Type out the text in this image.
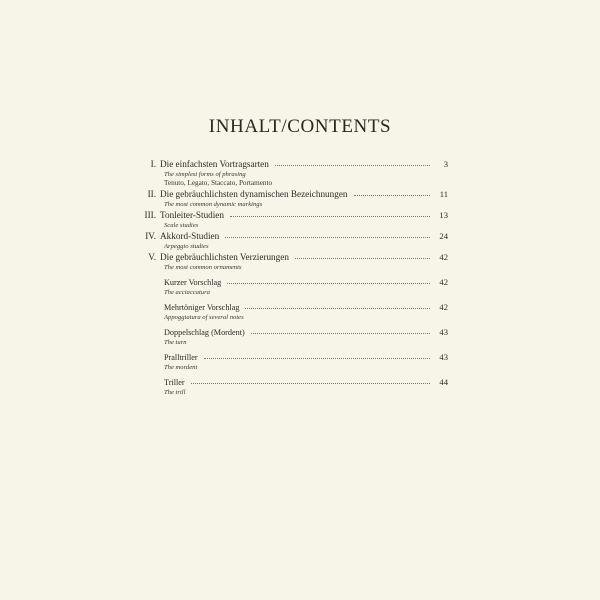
INHALT/CONTENTS
I. Die einfachsten Vortragsarten	3
The simplest forms of phrasing
Tenuto, Legato, Staccato, Portamento
II. Die gebräuchlichsten dynamischen Bezeichnungen	11
The most common dynamic markings
III. Tonleiter-Studien	13
Scale studies
IV. Akkord-Studien	24
Arpeggio studies
V. Die gebräuchlichsten Verzierungen	42
The most common ornaments
Kurzer Vorschlag	42
The acciaccatura
Mehrtöniger Vorschlag	42
Appoggiatura of several notes
Doppelschlag (Mordent)	43
The turn
Pralltriller	43
The mordent
Triller	44
The trill
